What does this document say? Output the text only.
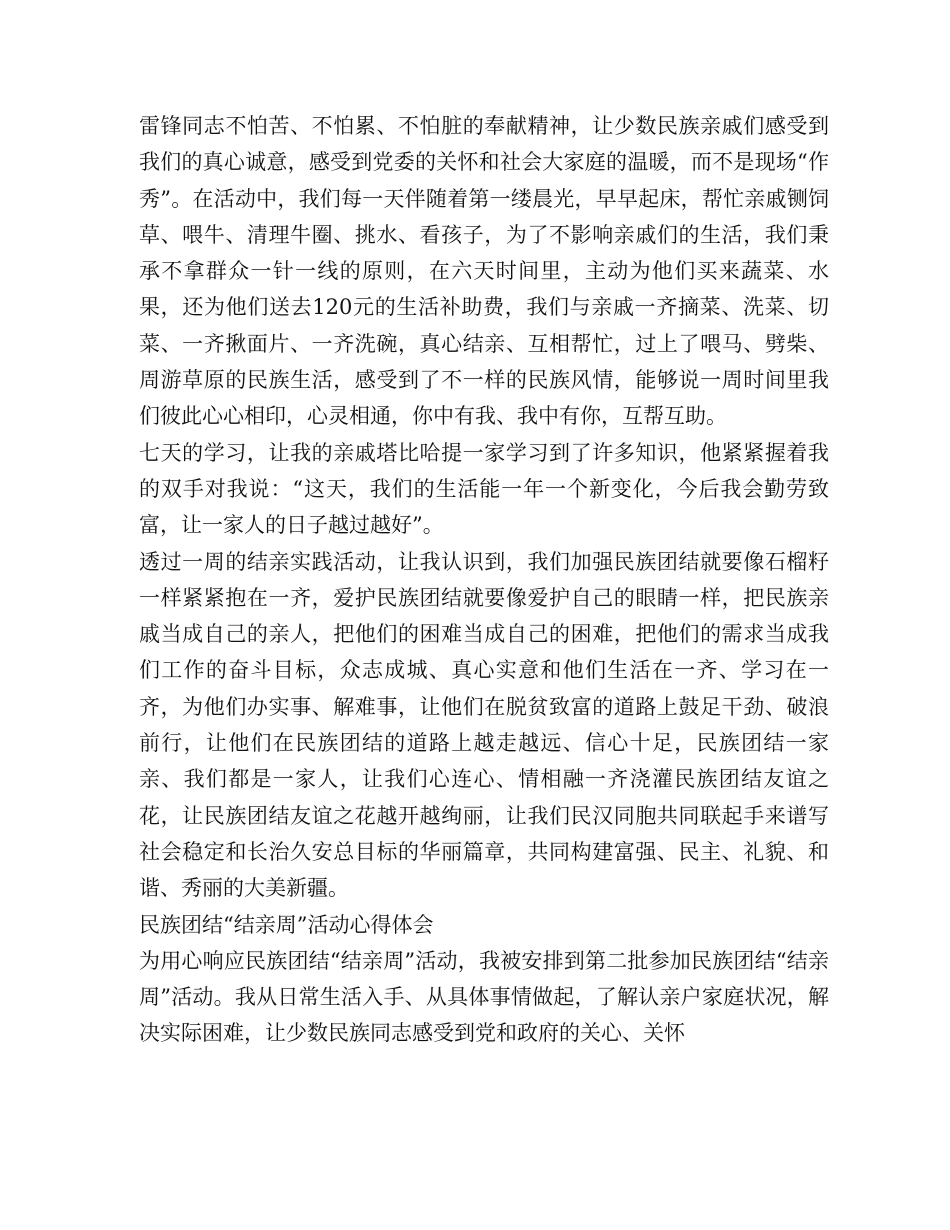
雷锋同志不怕苦、不怕累、不怕脏的奉献精神，让少数民族亲戚们感受到我们的真心诚意，感受到党委的关怀和社会大家庭的温暖，而不是现场“作秀”。在活动中，我们每一天伴随着第一缕晨光，早早起床，帮忙亲戚铡饲草、喂牛、清理牛圈、挑水、看孩子，为了不影响亲戚们的生活，我们秉承不拿群众一针一线的原则，在六天时间里，主动为他们买来蔬菜、水果，还为他们送去120元的生活补助费，我们与亲戚一齐摘菜、洗菜、切菜、一齐揪面片、一齐洗碗，真心结亲、互相帮忙，过上了喂马、劈柴、周游草原的民族生活，感受到了不一样的民族风情，能够说一周时间里我们彼此心心相印，心灵相通，你中有我、我中有你，互帮互助。

七天的学习，让我的亲戚塔比哈提一家学习到了许多知识，他紧紧握着我的双手对我说：“这天，我们的生活能一年一个新变化，今后我会勤劳致富，让一家人的日子越过越好”。

透过一周的结亲实践活动，让我认识到，我们加强民族团结就要像石榴籽一样紧紧抱在一齐，爱护民族团结就要像爱护自己的眼睛一样，把民族亲戚当成自己的亲人，把他们的困难当成自己的困难，把他们的需求当成我们工作的奋斗目标，众志成城、真心实意和他们生活在一齐、学习在一齐，为他们办实事、解难事，让他们在脱贫致富的道路上鼓足干劲、破浪前行，让他们在民族团结的道路上越走越远、信心十足，民族团结一家亲、我们都是一家人，让我们心连心、情相融一齐浇灌民族团结友谊之花，让民族团结友谊之花越开越绚丽，让我们民汉同胞共同联起手来谱写社会稳定和长治久安总目标的华丽篇章，共同构建富强、民主、礼貌、和谐、秀丽的大美新疆。

民族团结“结亲周”活动心得体会

为用心响应民族团结“结亲周”活动，我被安排到第二批参加民族团结“结亲周”活动。我从日常生活入手、从具体事情做起，了解认亲户家庭状况，解决实际困难，让少数民族同志感受到党和政府的关心、关怀
